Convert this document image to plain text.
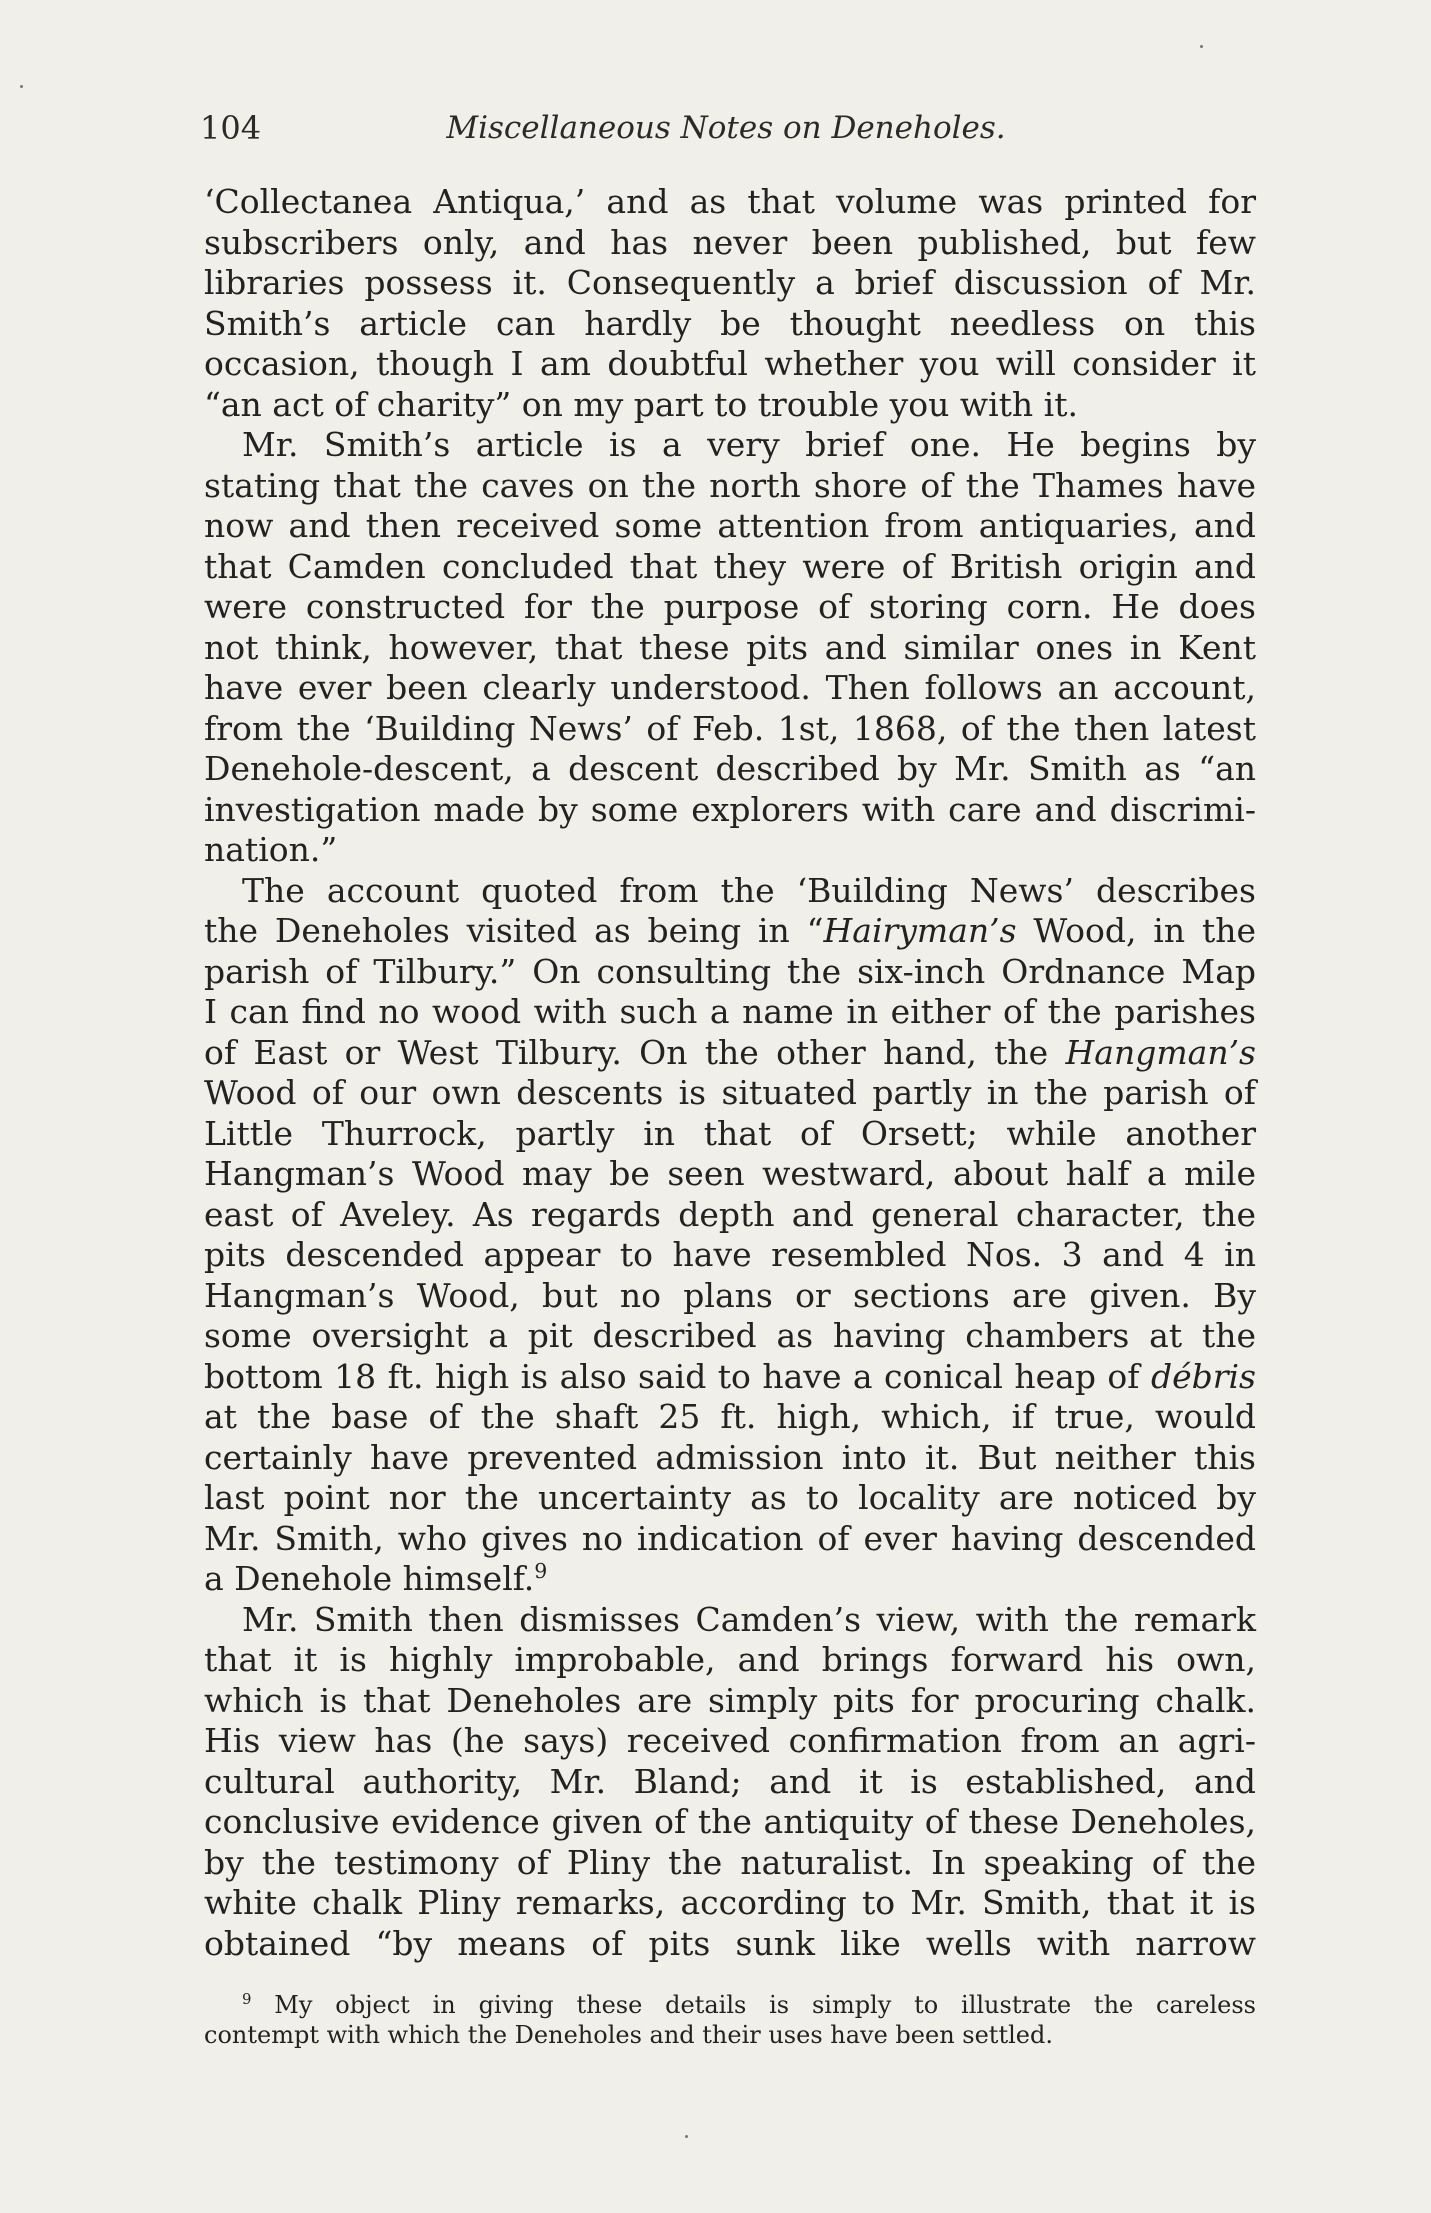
104	Miscellaneous Notes on Deneholes.

‘Collectanea Antiqua,’ and as that volume was printed for
subscribers only, and has never been published, but few
libraries possess it. Consequently a brief discussion of Mr.
Smith’s article can hardly be thought needless on this
occasion, though I am doubtful whether you will consider it
“an act of charity” on my part to trouble you with it.

Mr. Smith’s article is a very brief one. He begins by
stating that the caves on the north shore of the Thames have
now and then received some attention from antiquaries, and
that Camden concluded that they were of British origin and
were constructed for the purpose of storing corn. He does
not think, however, that these pits and similar ones in Kent
have ever been clearly understood. Then follows an account,
from the ‘Building News’ of Feb. 1st, 1868, of the then latest
Denehole-descent, a descent described by Mr. Smith as “an
investigation made by some explorers with care and discrimi-
nation.”

The account quoted from the ‘Building News’ describes
the Deneholes visited as being in “Hairyman’s Wood, in the
parish of Tilbury.” On consulting the six-inch Ordnance Map
I can find no wood with such a name in either of the parishes
of East or West Tilbury. On the other hand, the Hangman’s
Wood of our own descents is situated partly in the parish of
Little Thurrock, partly in that of Orsett; while another
Hangman’s Wood may be seen westward, about half a mile
east of Aveley. As regards depth and general character, the
pits descended appear to have resembled Nos. 3 and 4 in
Hangman’s Wood, but no plans or sections are given. By
some oversight a pit described as having chambers at the
bottom 18 ft. high is also said to have a conical heap of débris
at the base of the shaft 25 ft. high, which, if true, would
certainly have prevented admission into it. But neither this
last point nor the uncertainty as to locality are noticed by
Mr. Smith, who gives no indication of ever having descended
a Denehole himself.$^9$

Mr. Smith then dismisses Camden’s view, with the remark
that it is highly improbable, and brings forward his own,
which is that Deneholes are simply pits for procuring chalk.
His view has (he says) received confirmation from an agri-
cultural authority, Mr. Bland; and it is established, and
conclusive evidence given of the antiquity of these Deneholes,
by the testimony of Pliny the naturalist. In speaking of the
white chalk Pliny remarks, according to Mr. Smith, that it is
obtained “by means of pits sunk like wells with narrow

$^9$ My object in giving these details is simply to illustrate the careless
contempt with which the Deneholes and their uses have been settled.
